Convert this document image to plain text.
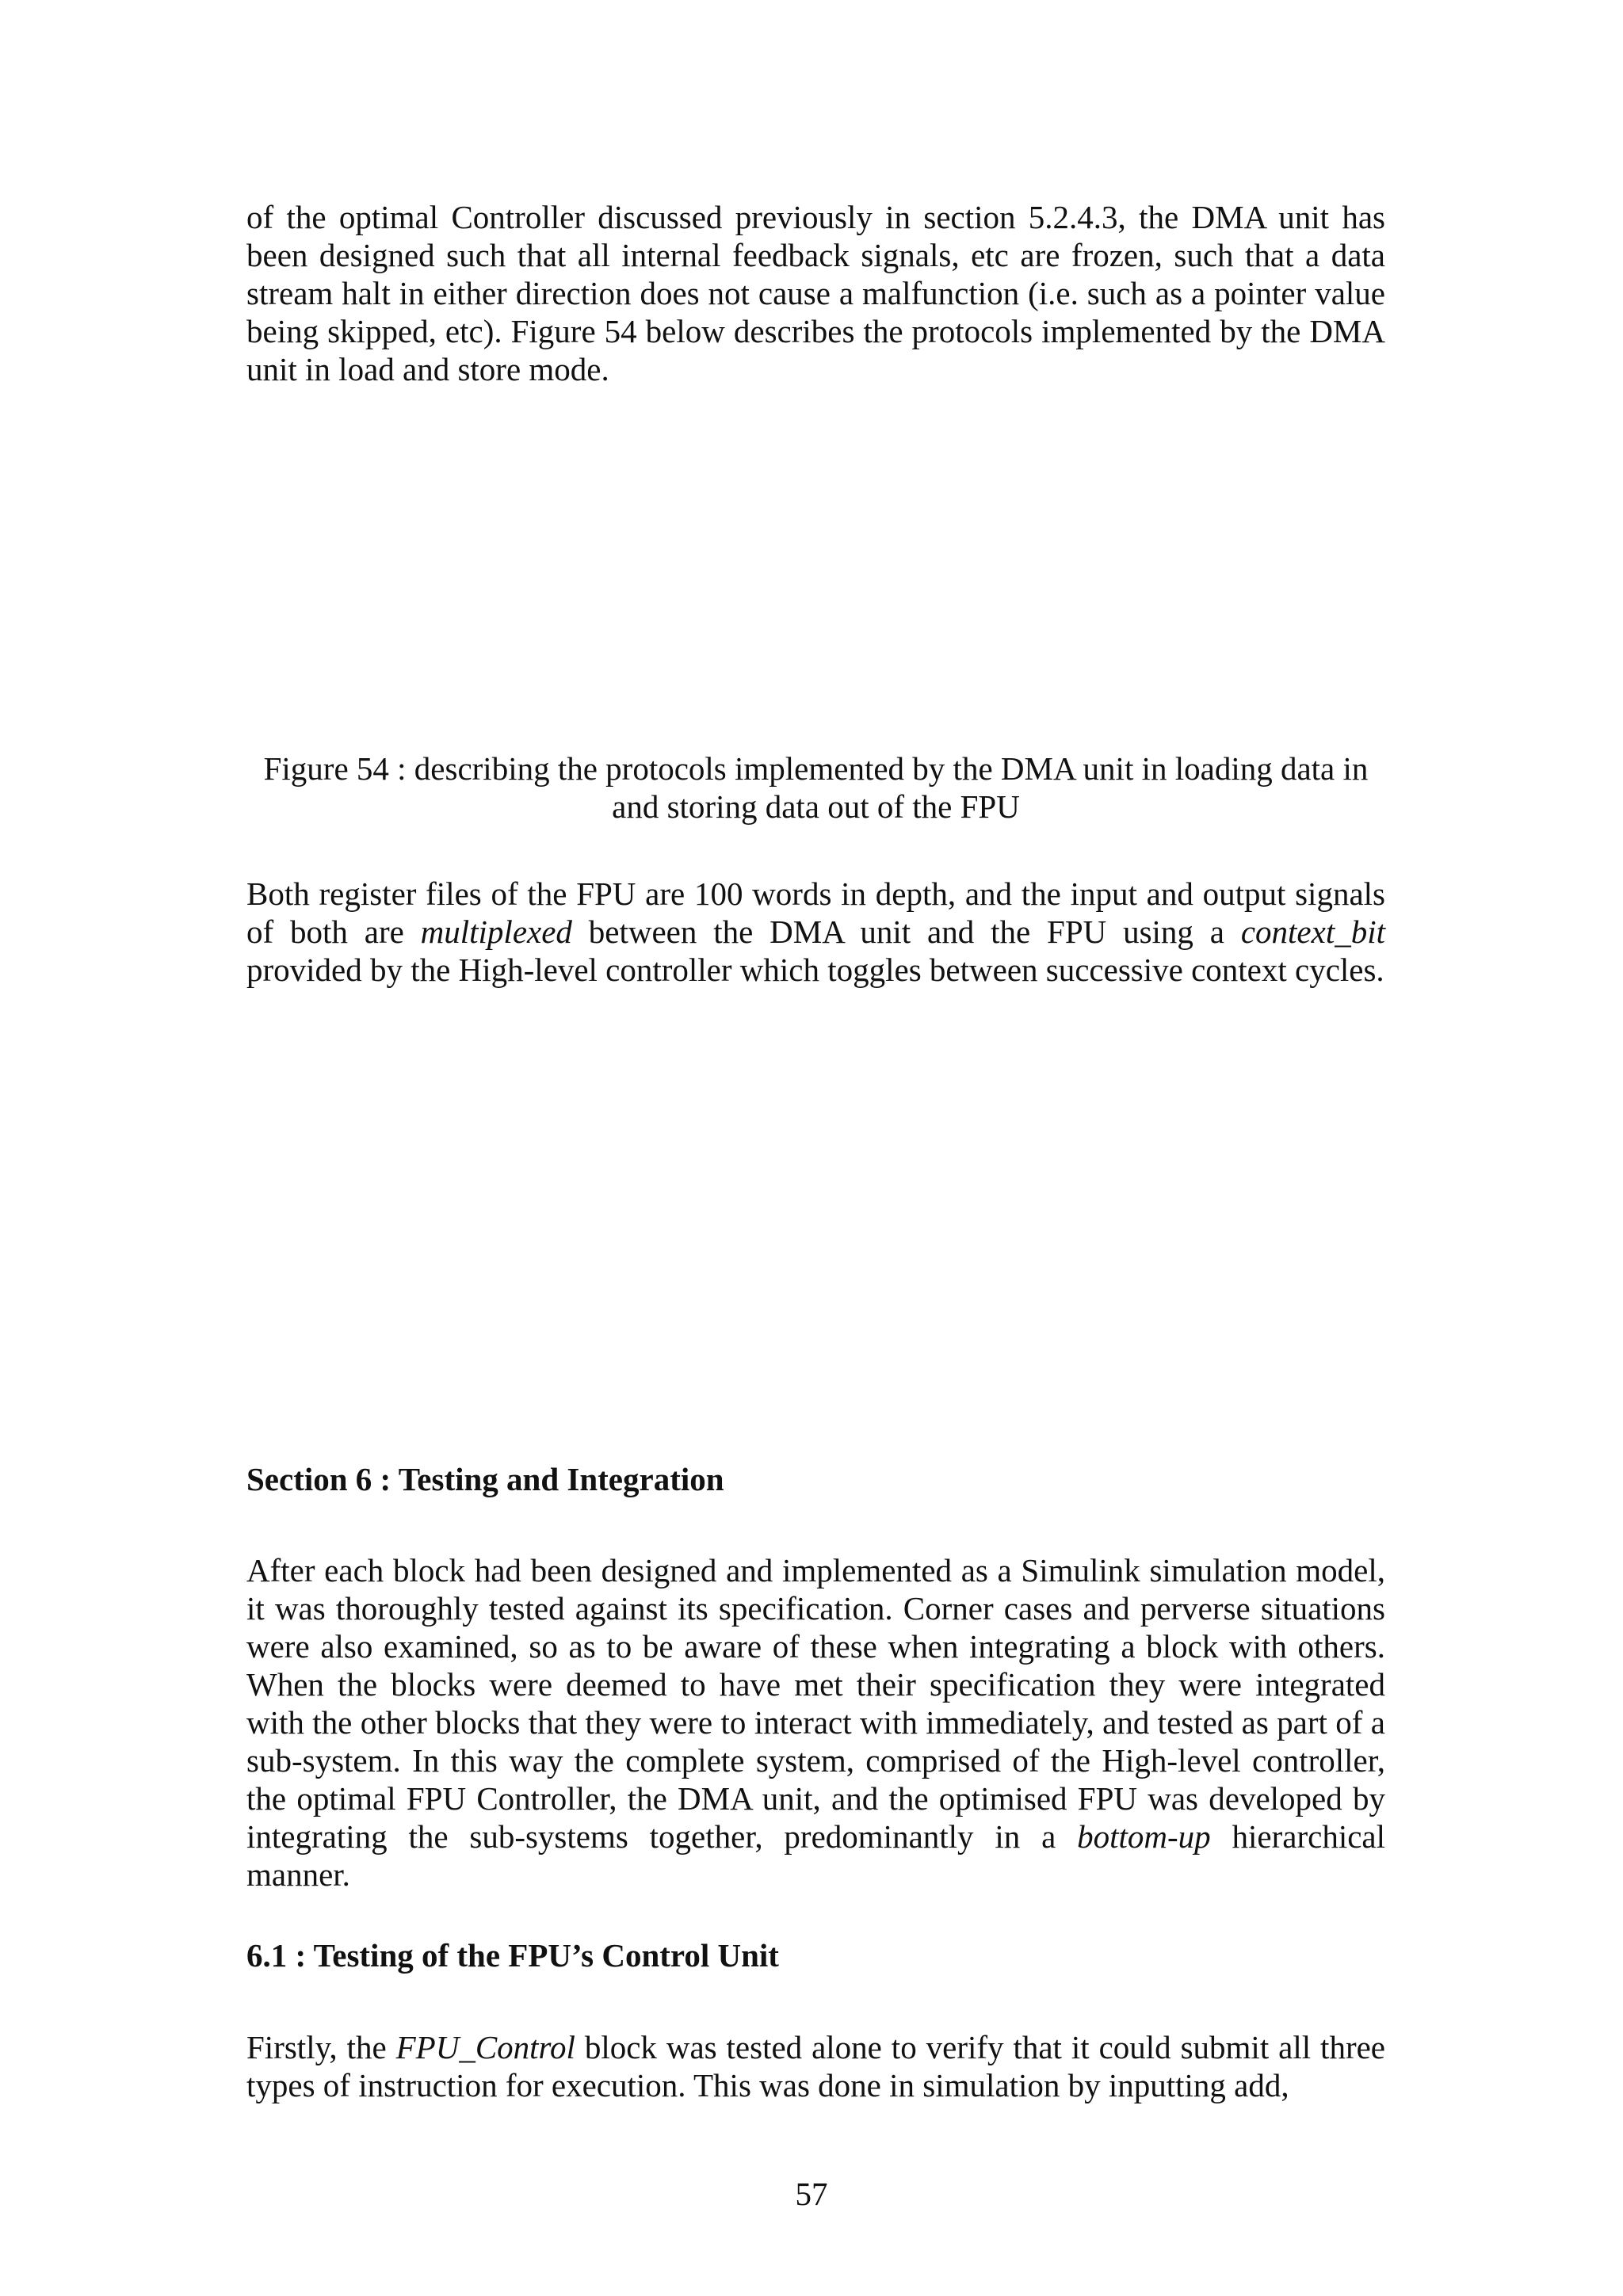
of the optimal Controller discussed previously in section 5.2.4.3, the DMA unit has been designed such that all internal feedback signals, etc are frozen, such that a data stream halt in either direction does not cause a malfunction (i.e. such as a pointer value being skipped, etc). Figure 54 below describes the protocols implemented by the DMA unit in load and store mode.

Figure 54 : describing the protocols implemented by the DMA unit in loading data in
and storing data out of the FPU

Both register files of the FPU are 100 words in depth, and the input and output signals of both are multiplexed between the DMA unit and the FPU using a context_bit provided by the High-level controller which toggles between successive context cycles.

Section 6 : Testing and Integration

After each block had been designed and implemented as a Simulink simulation model, it was thoroughly tested against its specification. Corner cases and perverse situations were also examined, so as to be aware of these when integrating a block with others. When the blocks were deemed to have met their specification they were integrated with the other blocks that they were to interact with immediately, and tested as part of a sub-system. In this way the complete system, comprised of the High-level controller, the optimal FPU Controller, the DMA unit, and the optimised FPU was developed by integrating the sub-systems together, predominantly in a bottom-up hierarchical manner.

6.1 : Testing of the FPU’s Control Unit

Firstly, the FPU_Control block was tested alone to verify that it could submit all three types of instruction for execution. This was done in simulation by inputting add,

57
